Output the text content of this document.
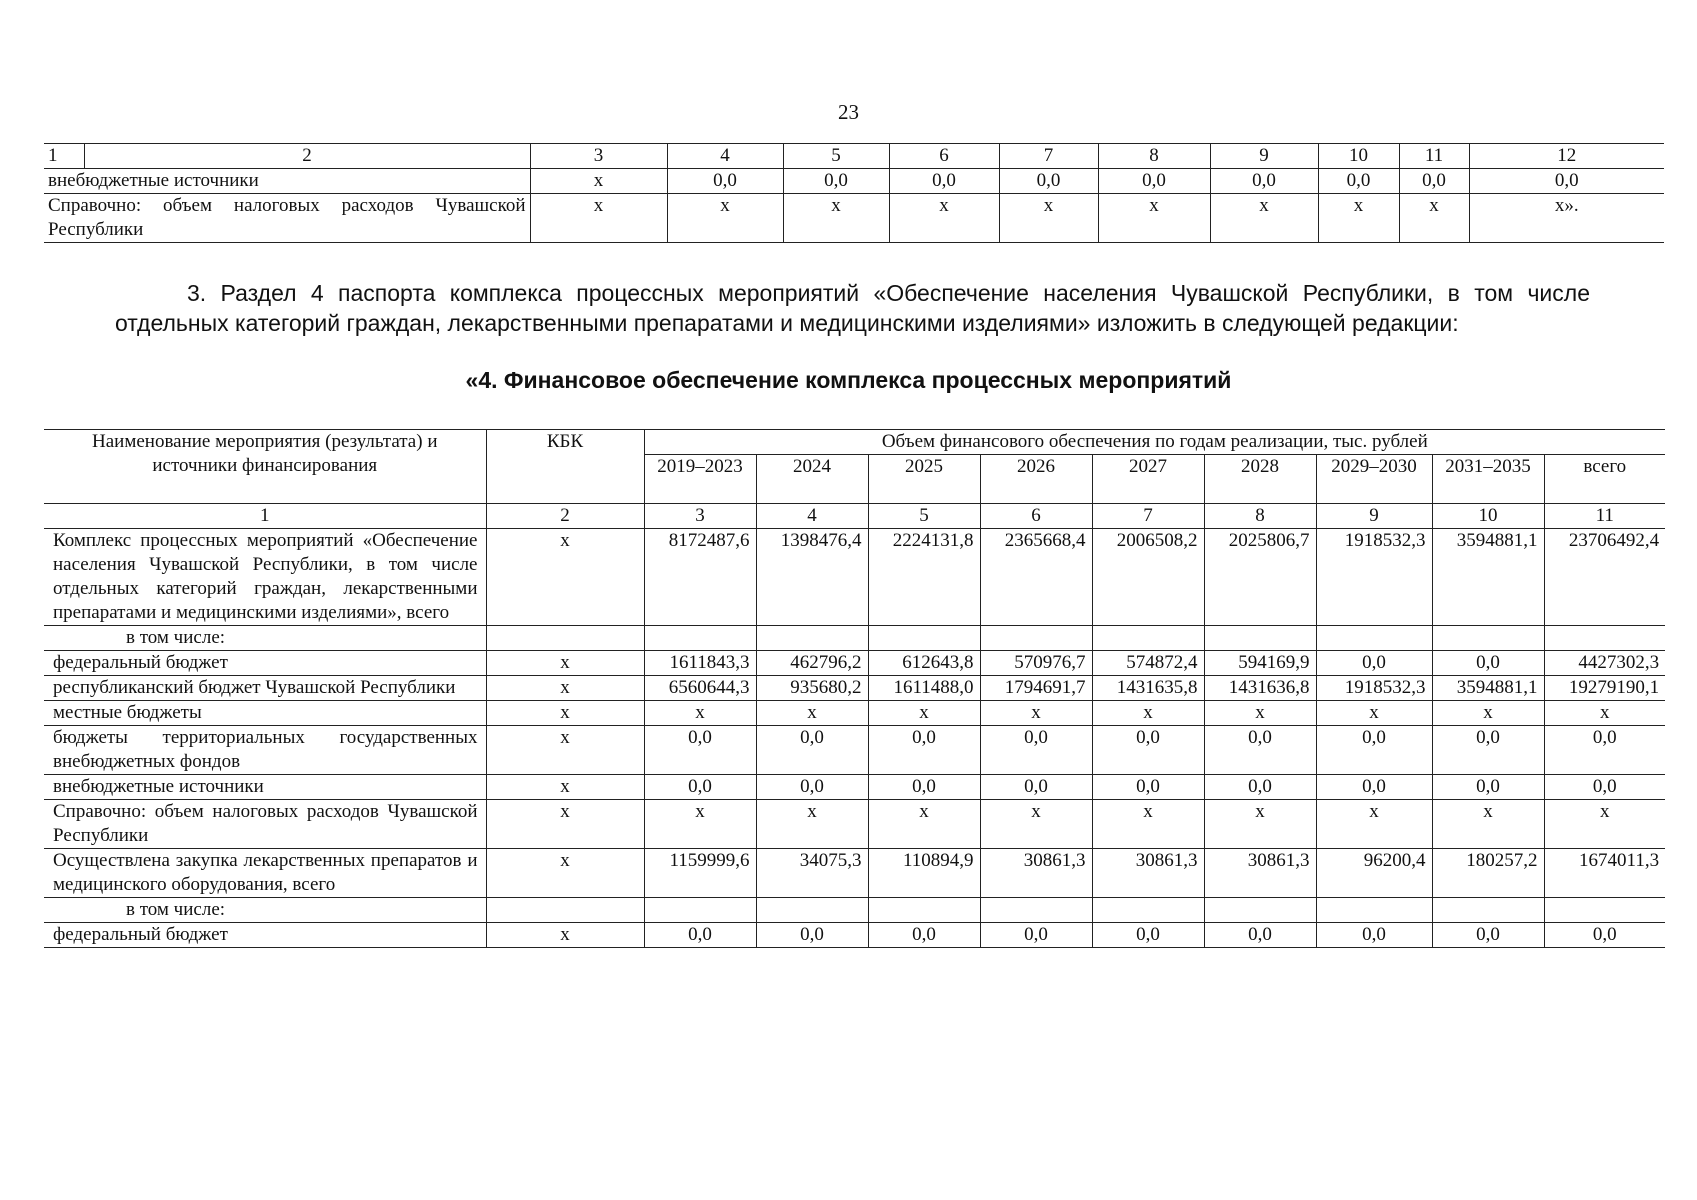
23
1	2	3	4	5	6	7	8	9	10	11	12
внебюджетные источники		x	0,0	0,0	0,0	0,0	0,0	0,0	0,0	0,0	0,0
Справочно: объем налоговых расходов Чувашской Республики		x	x	x	x	x	x	x	x	x	x».
3. Раздел 4 паспорта комплекса процессных мероприятий «Обеспечение населения Чувашской Республики, в том числе отдельных категорий граждан, лекарственными препаратами и медицинскими изделиями» изложить в следующей редакции:
«4. Финансовое обеспечение комплекса процессных мероприятий
Наименование мероприятия (результата) и источники финансирования	КБК	Объем финансового обеспечения по годам реализации, тыс. рублей								
		2019–2023	2024	2025	2026	2027	2028	2029–2030	2031–2035	всего
1	2	3	4	5	6	7	8	9	10	11
Комплекс процессных мероприятий «Обеспечение населения Чувашской Республики, в том числе отдельных категорий граждан, лекарственными препаратами и медицинскими изделиями», всего	x	8172487,6	1398476,4	2224131,8	2365668,4	2006508,2	2025806,7	1918532,3	3594881,1	23706492,4
в том числе:										
федеральный бюджет	x	1611843,3	462796,2	612643,8	570976,7	574872,4	594169,9	0,0	0,0	4427302,3
республиканский бюджет Чувашской Республики	x	6560644,3	935680,2	1611488,0	1794691,7	1431635,8	1431636,8	1918532,3	3594881,1	19279190,1
местные бюджеты	x	x	x	x	x	x	x	x	x	x
бюджеты территориальных государственных внебюджетных фондов	x	0,0	0,0	0,0	0,0	0,0	0,0	0,0	0,0	0,0
внебюджетные источники	x	0,0	0,0	0,0	0,0	0,0	0,0	0,0	0,0	0,0
Справочно: объем налоговых расходов Чувашской Республики	x	x	x	x	x	x	x	x	x	x
Осуществлена закупка лекарственных препаратов и медицинского оборудования, всего	x	1159999,6	34075,3	110894,9	30861,3	30861,3	30861,3	96200,4	180257,2	1674011,3
в том числе:										
федеральный бюджет	x	0,0	0,0	0,0	0,0	0,0	0,0	0,0	0,0	0,0
